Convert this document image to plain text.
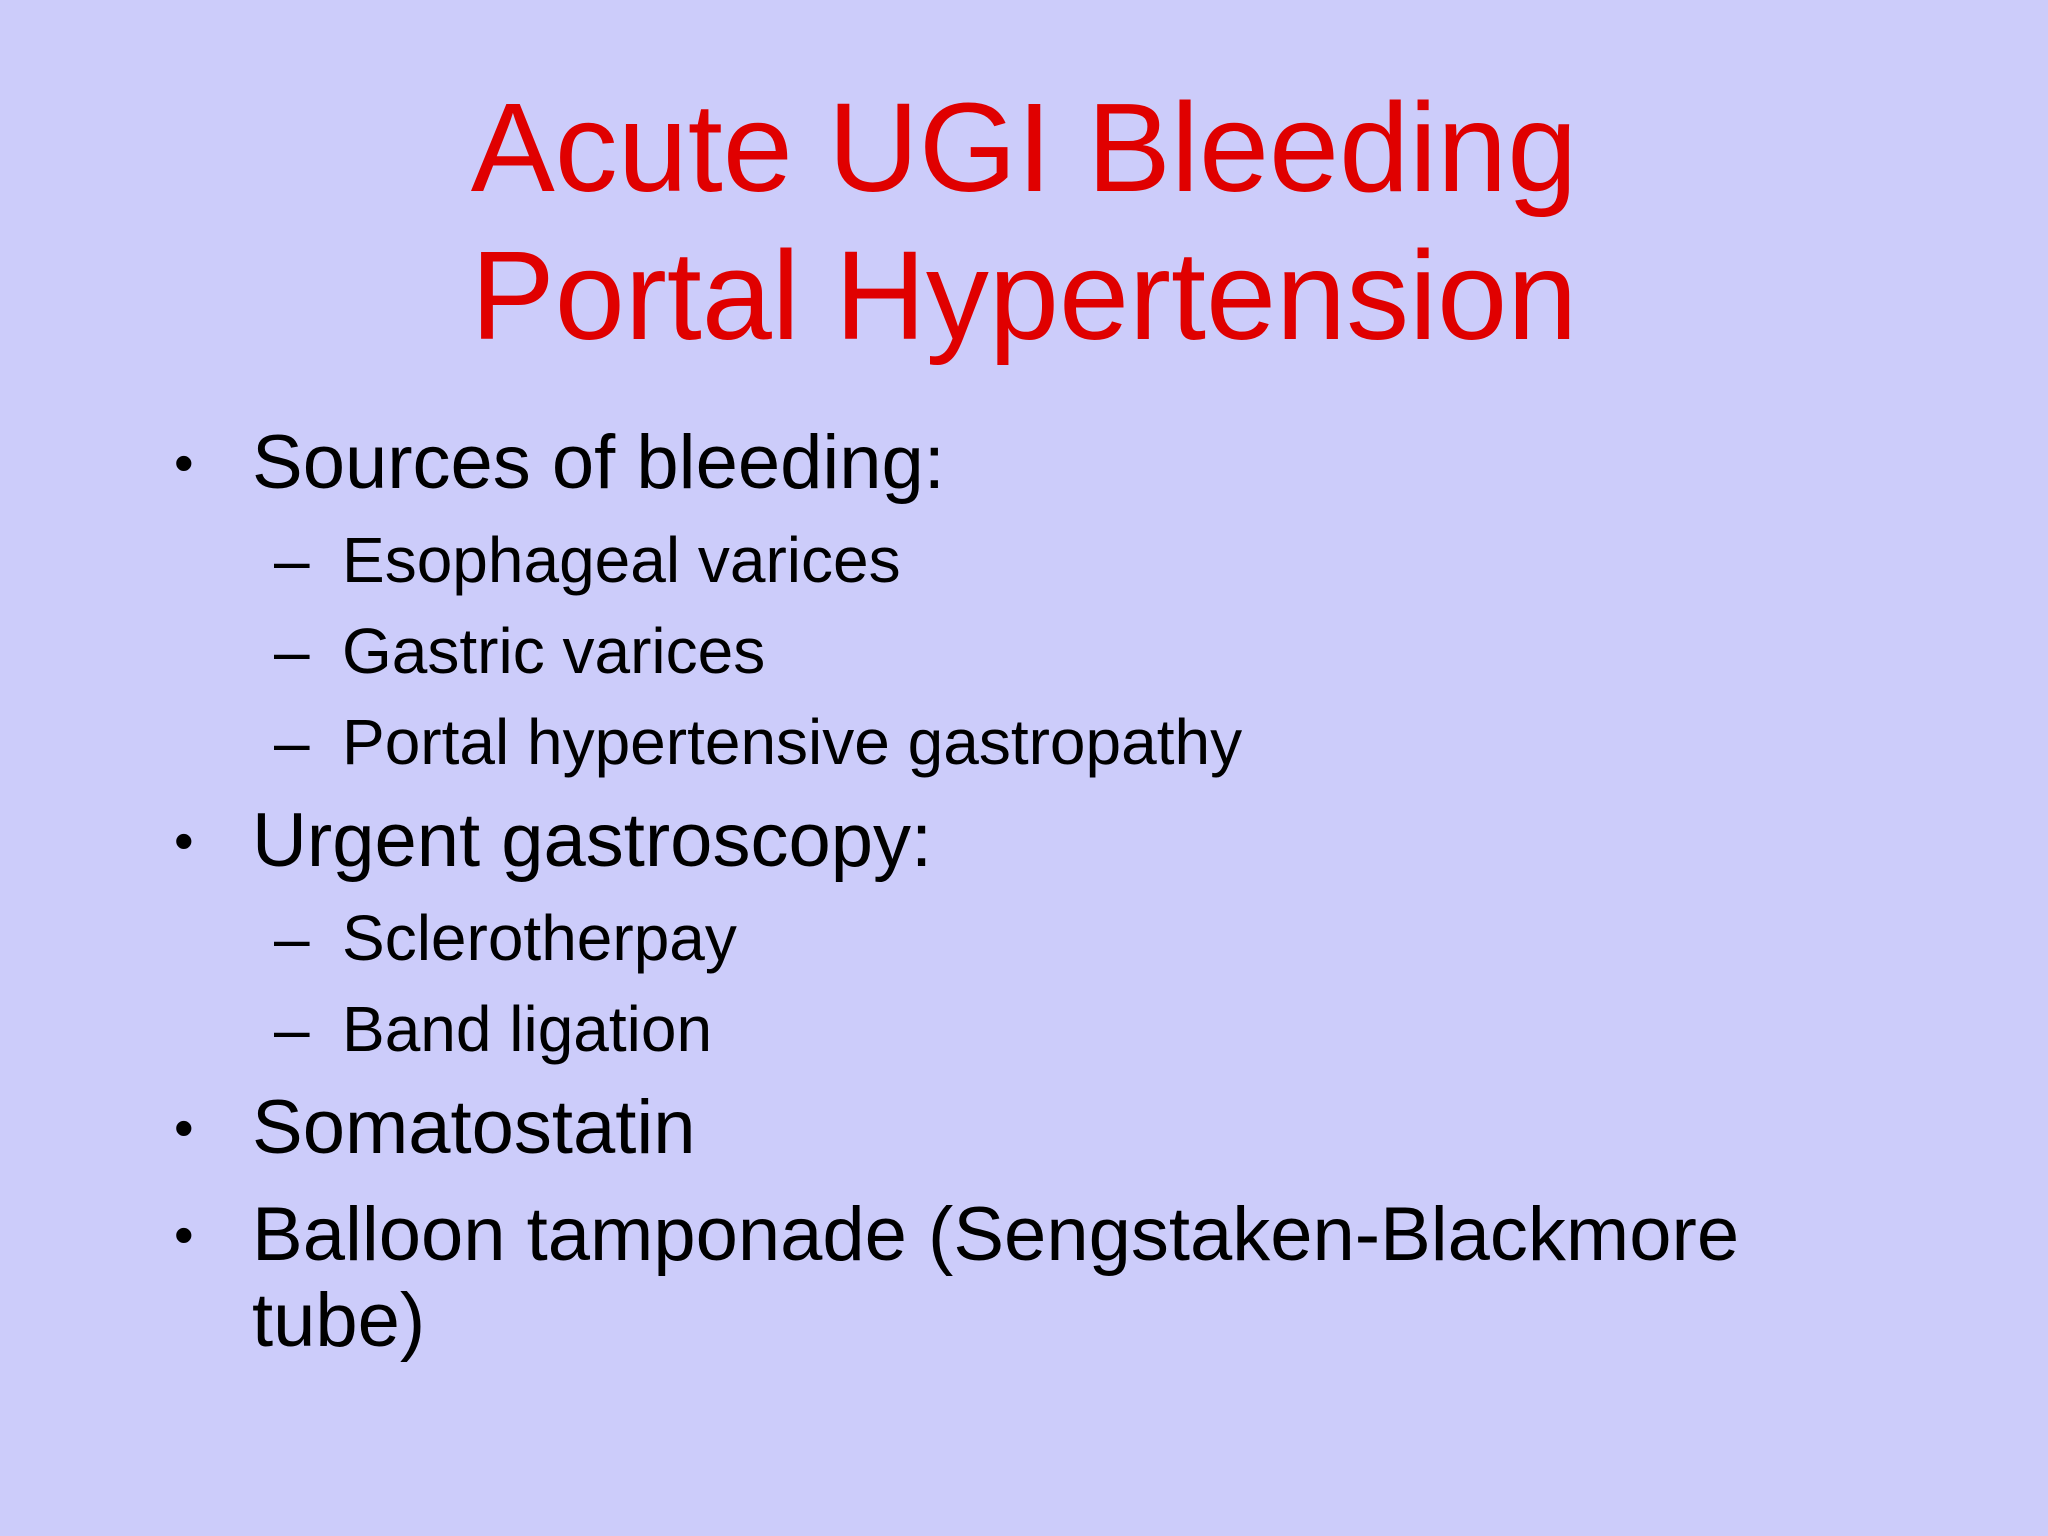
Acute UGI Bleeding
Portal Hypertension
• Sources of bleeding:
– Esophageal varices
– Gastric varices
– Portal hypertensive gastropathy
• Urgent gastroscopy:
– Sclerotherpay
– Band ligation
• Somatostatin
• Balloon tamponade (Sengstaken-Blackmore
tube)
